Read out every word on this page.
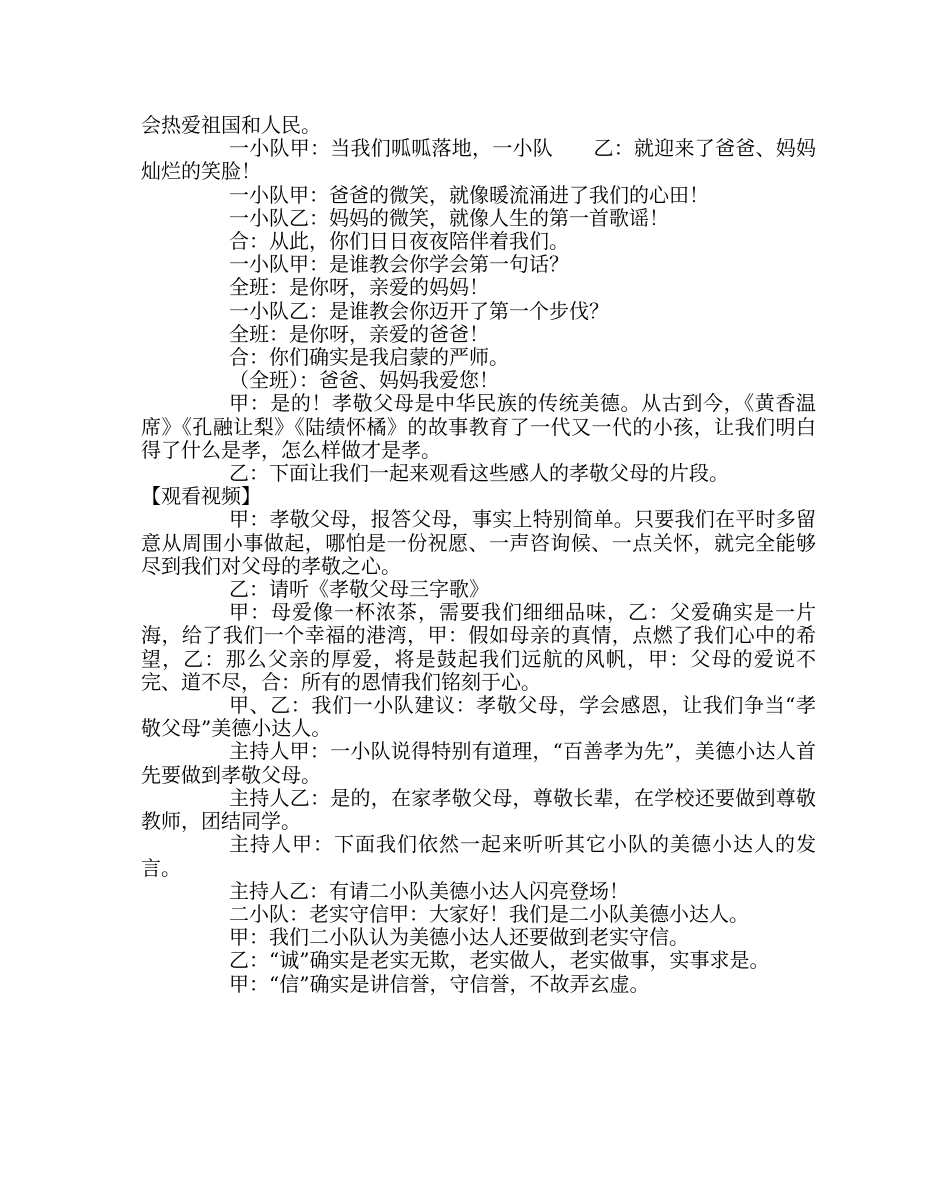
会热爱祖国和人民。

一小队甲：当我们呱呱落地，一小队　　乙：就迎来了爸爸、妈妈灿烂的笑脸！

一小队甲：爸爸的微笑，就像暖流涌进了我们的心田！

一小队乙：妈妈的微笑，就像人生的第一首歌谣！

合：从此，你们日日夜夜陪伴着我们。

一小队甲：是谁教会你学会第一句话？

全班：是你呀，亲爱的妈妈！

一小队乙：是谁教会你迈开了第一个步伐？

全班：是你呀，亲爱的爸爸！

合：你们确实是我启蒙的严师。

（全班）：爸爸、妈妈我爱您！

甲：是的！孝敬父母是中华民族的传统美德。从古到今，《黄香温席》《孔融让梨》《陆绩怀橘》的故事教育了一代又一代的小孩，让我们明白得了什么是孝，怎么样做才是孝。

乙：下面让我们一起来观看这些感人的孝敬父母的片段。

【观看视频】

甲：孝敬父母，报答父母，事实上特别简单。只要我们在平时多留意从周围小事做起，哪怕是一份祝愿、一声咨询候、一点关怀，就完全能够尽到我们对父母的孝敬之心。

乙：请听《孝敬父母三字歌》

甲：母爱像一杯浓茶，需要我们细细品味，乙：父爱确实是一片海，给了我们一个幸福的港湾，甲：假如母亲的真情，点燃了我们心中的希望，乙：那么父亲的厚爱，将是鼓起我们远航的风帆，甲：父母的爱说不完、道不尽，合：所有的恩情我们铭刻于心。

甲、乙：我们一小队建议：孝敬父母，学会感恩，让我们争当“孝敬父母”美德小达人。

主持人甲：一小队说得特别有道理，“百善孝为先”，美德小达人首先要做到孝敬父母。

主持人乙：是的，在家孝敬父母，尊敬长辈，在学校还要做到尊敬教师，团结同学。

主持人甲：下面我们依然一起来听听其它小队的美德小达人的发言。

主持人乙：有请二小队美德小达人闪亮登场！

二小队：老实守信甲：大家好！我们是二小队美德小达人。

甲：我们二小队认为美德小达人还要做到老实守信。

乙：“诚”确实是老实无欺，老实做人，老实做事，实事求是。

甲：“信”确实是讲信誉，守信誉，不故弄玄虚。
